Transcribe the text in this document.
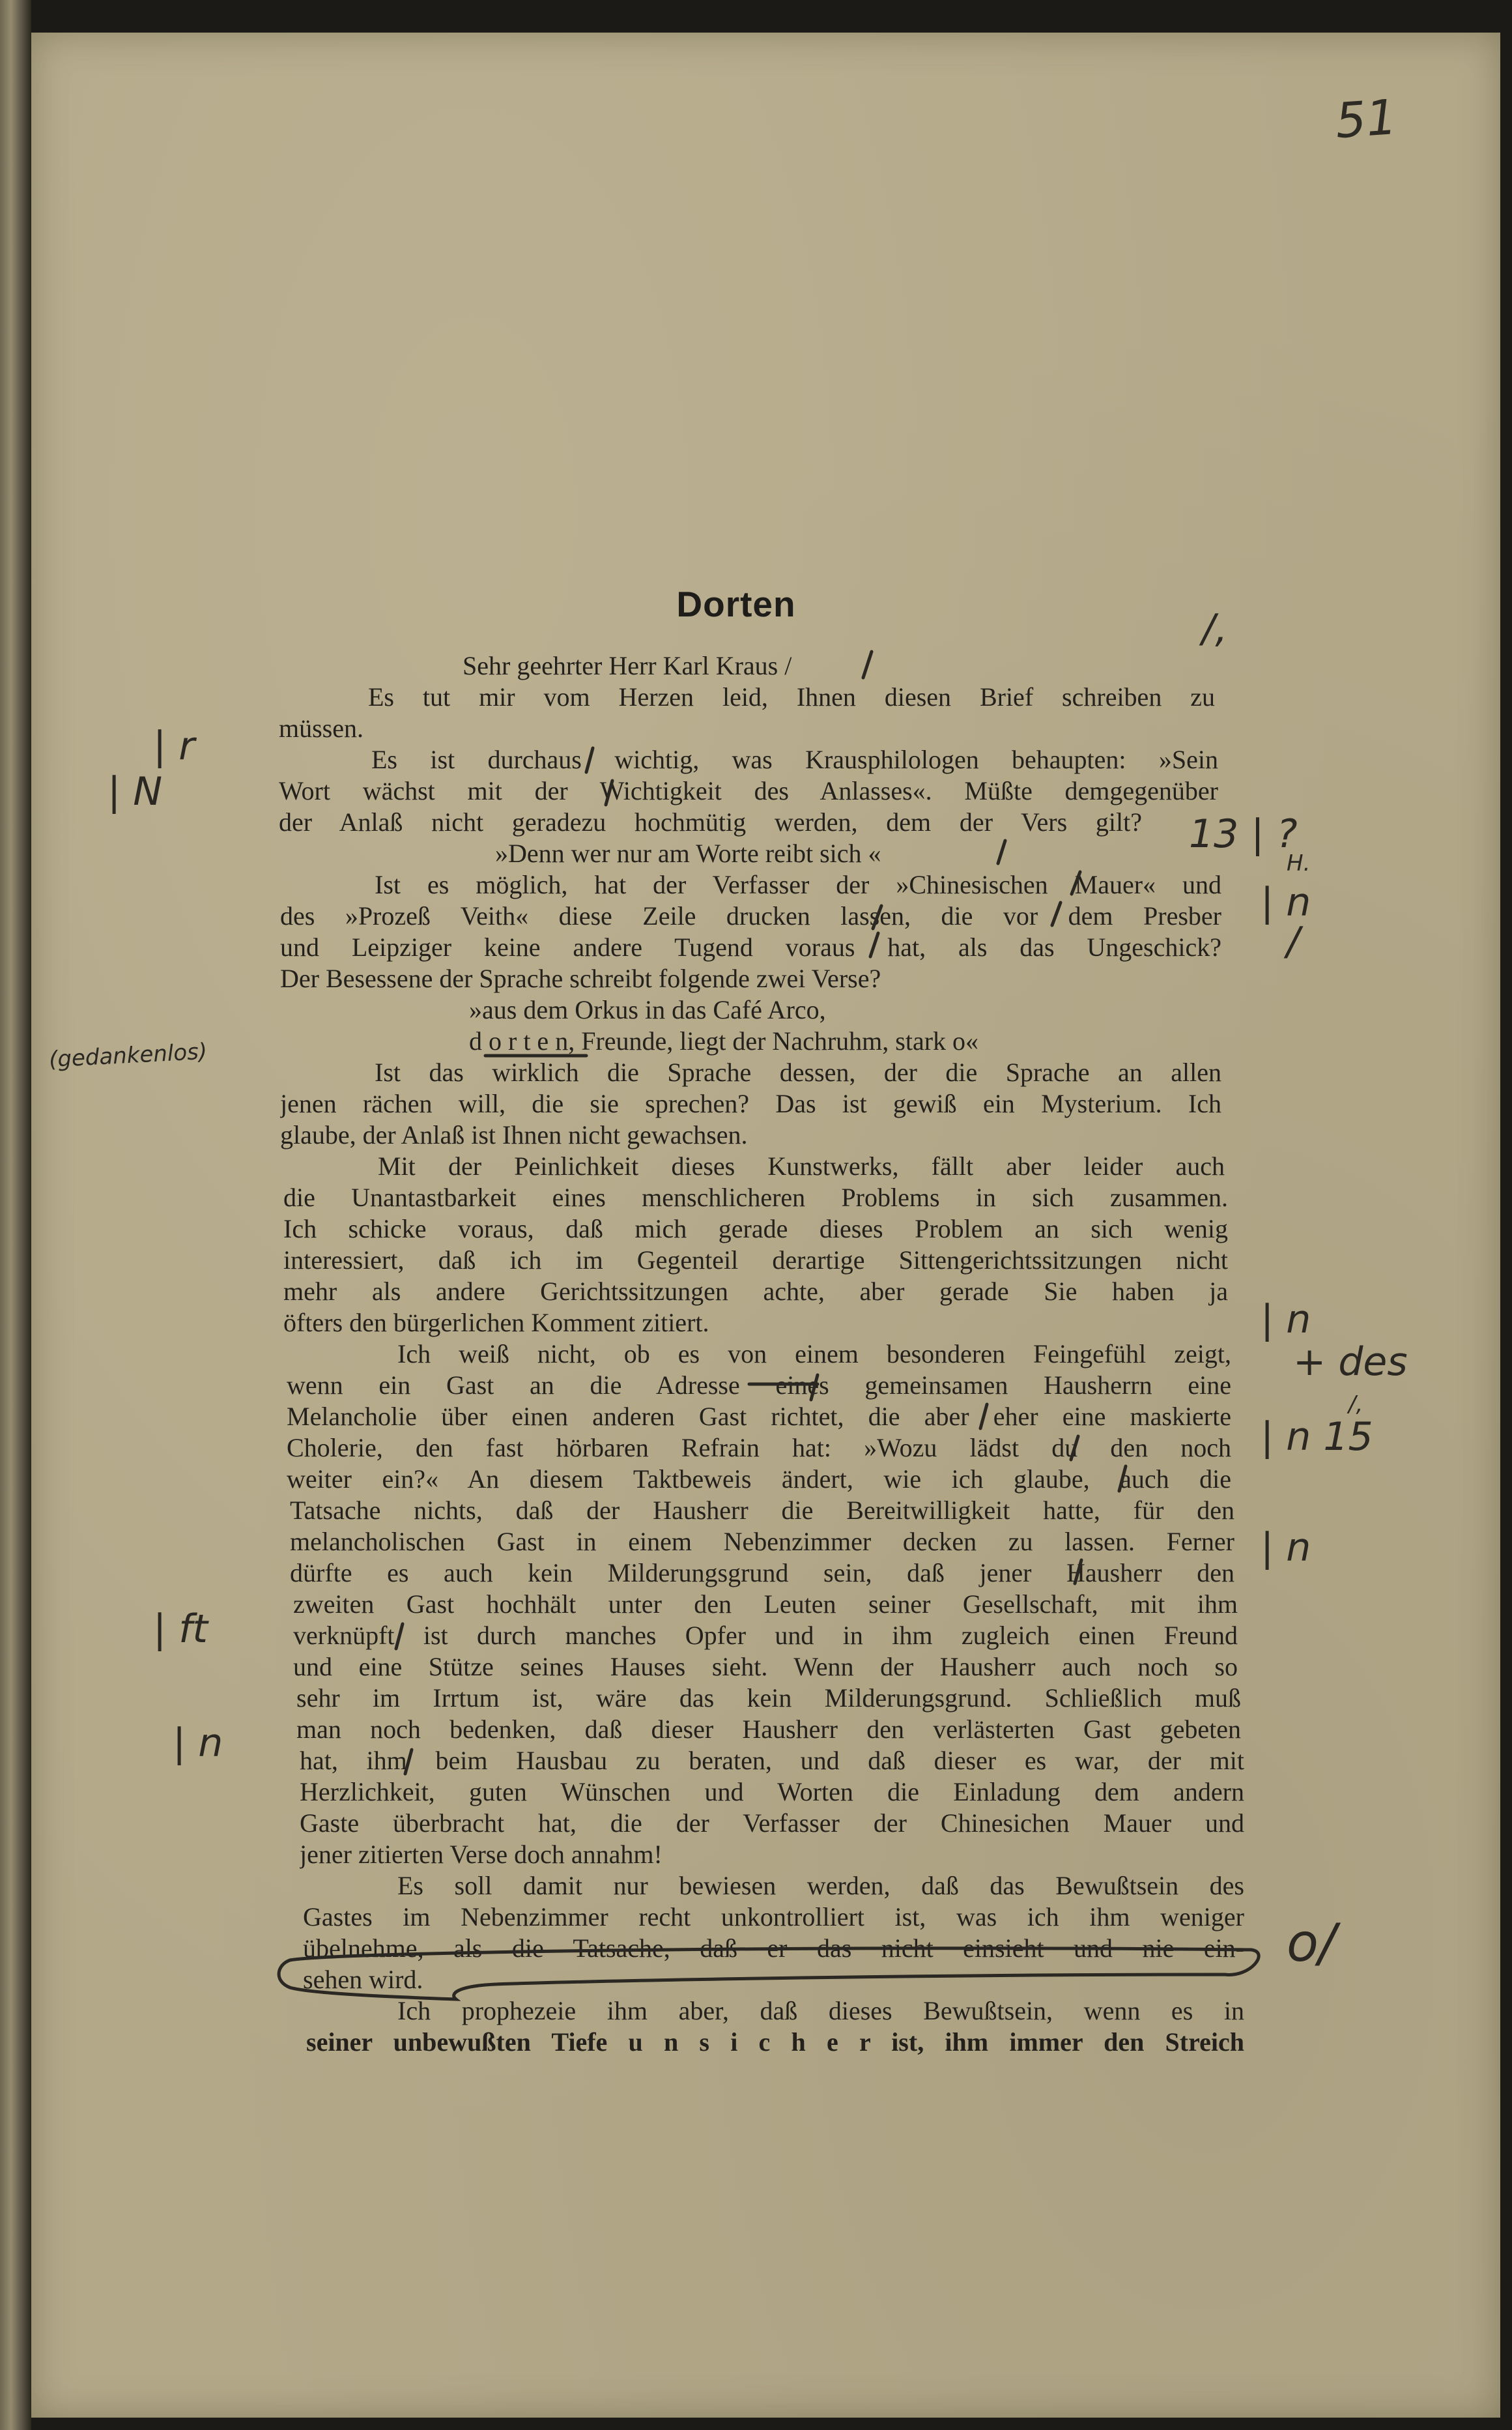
51
Dorten
Sehr geehrter Herr Karl Kraus /
Es tut mir vom Herzen leid, Ihnen diesen Brief schreiben zu
müssen.
Es ist durchaus wichtig, was Krausphilologen behaupten: »Sein
Wort wächst mit der Wichtigkeit des Anlasses«. Müßte demgegenüber
der Anlaß nicht geradezu hochmütig werden, dem der Vers gilt?
»Denn wer nur am Worte reibt sich «
Ist es möglich, hat der Verfasser der »Chinesischen Mauer« und
des »Prozeß Veith« diese Zeile drucken lassen, die vor dem Presber
und Leipziger keine andere Tugend voraus hat, als das Ungeschick?
Der Besessene der Sprache schreibt folgende zwei Verse?
»aus dem Orkus in das Café Arco,
d o r t e n, Freunde, liegt der Nachruhm, stark o«
Ist das wirklich die Sprache dessen, der die Sprache an allen
jenen rächen will, die sie sprechen? Das ist gewiß ein Mysterium. Ich
glaube, der Anlaß ist Ihnen nicht gewachsen.
Mit der Peinlichkeit dieses Kunstwerks, fällt aber leider auch
die Unantastbarkeit eines menschlicheren Problems in sich zusammen.
Ich schicke voraus, daß mich gerade dieses Problem an sich wenig
interessiert, daß ich im Gegenteil derartige Sittengerichtssitzungen nicht
mehr als andere Gerichtssitzungen achte, aber gerade Sie haben ja
öfters den bürgerlichen Komment zitiert.
Ich weiß nicht, ob es von einem besonderen Feingefühl zeigt,
wenn ein Gast an die Adresse eines gemeinsamen Hausherrn eine
Melancholie über einen anderen Gast richtet, die aber eher eine maskierte
Cholerie, den fast hörbaren Refrain hat: »Wozu lädst du den noch
weiter ein?« An diesem Taktbeweis ändert, wie ich glaube, auch die
Tatsache nichts, daß der Hausherr die Bereitwilligkeit hatte, für den
melancholischen Gast in einem Nebenzimmer decken zu lassen. Ferner
dürfte es auch kein Milderungsgrund sein, daß jener Hausherr den
zweiten Gast hochhält unter den Leuten seiner Gesellschaft, mit ihm
verknüpft ist durch manches Opfer und in ihm zugleich einen Freund
und eine Stütze seines Hauses sieht. Wenn der Hausherr auch noch so
sehr im Irrtum ist, wäre das kein Milderungsgrund. Schließlich muß
man noch bedenken, daß dieser Hausherr den verlästerten Gast gebeten
hat, ihm beim Hausbau zu beraten, und daß dieser es war, der mit
Herzlichkeit, guten Wünschen und Worten die Einladung dem andern
Gaste überbracht hat, die der Verfasser der Chinesichen Mauer und
jener zitierten Verse doch annahm!
Es soll damit nur bewiesen werden, daß das Bewußtsein des
Gastes im Nebenzimmer recht unkontrolliert ist, was ich ihm weniger
übelnehme, als die Tatsache, daß er das nicht einsieht und nie ein-
sehen wird.
Ich prophezeie ihm aber, daß dieses Bewußtsein, wenn es in
seiner unbewußten Tiefe u n s i c h e r ist, ihm immer den Streich
/,
| r
| N
(gedankenlos)
13 | ?
H.
| n
/
| n
+ des
/,
| n 15
| n
| ft
| n
o/
